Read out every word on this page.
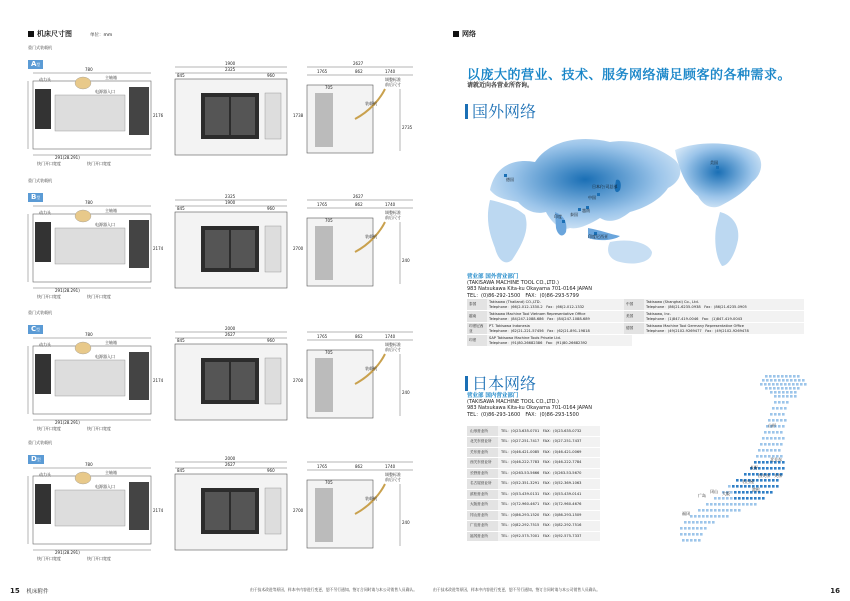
机床尺寸图	单位：mm
重门式装载机
A型
780
1900
2325
2627
845	960
1765	862	1740
2176
705
1738
2735
主轴箱
电源器入口
动力头
装载机
调整标准
前后尺寸
291(28.291)
快门开口宽度	快门开口宽度
重门式装载机
B型
780
2325
1900
2627
845	960
1765	862	1740
2174
705
2700
240
主轴箱
电源器入口
动力头
装载机
调整标准
前后尺寸
291(28.291)
快门开口宽度	快门开口宽度
重门式装载机
C型
780
2000
2627
845	960
1765	862	1740
2174
705
2700
240
主轴箱
电源器入口
动力头
装载机
调整标准
前后尺寸
291(28.291)
快门开口宽度	快门开口宽度
重门式装载机
D型
780
2000
2627
845	960
1765	862	1740
2174
705
2700
240
主轴箱
电源器入口
动力头
装载机
调整标准
前后尺寸
291(28.291)
快门开口宽度	快门开口宽度
15 机床附件	由于技术改进等原因，样本中内容进行变更，恕不另行通知。签订合同时请与本公司销售人员确认。
网络
以庞大的营业、技术、服务网络满足顾客的各种需求。
请就近向各营业所咨询。
国外网络
德国
美国
日本/公司总部
中国
泰国
越南
印度
印度尼西亚
营业部 国外营业部门
(TAKISAWA MACHINE TOOL CO.,LTD.)
983 Natsukawa Kita-ku Okayama 701-0164 JAPAN
TEL：(0)86-292-1500　FAX：(0)86-293-5799
泰国	Takisawa (Thailand) CO.,LTD.
Telephone：(66)2-012-1330-2　Fax：(66)2-012-1332

越南	Takisawa Machine Tool Vietnam Representative Office
Telephone：(84)247-1088-686　Fax：(84)247-1088-689

印度尼西亚	PT. Takisawa Indonesia
Telephone：(62)21-221-57456　Fax：(62)21-891-19818

印度	SAP Takisawa Machine Tools Private Ltd.
Telephone：(91)80-26682386　Fax：(91)80-26682392
中国	Takisawa (Shanghai) Co., Ltd.
Telephone：(86)21-6235-0938　Fax：(86)21-6235-0905

美国	Takisawa, Inc.
Telephone：(1)847-419-0046　Fax：(1)847-419-0043

德国	Takisawa Machine Tool Germany Representative Office
Telephone：(49)2102-9269477　Fax：(49)2102-9269478
日本网络
营业部 国内营业部门
(TAKISAWA MACHINE TOOL CO.,LTD.)
983 Natsukawa Kita-ku Okayama 701-0164 JAPAN
TEL：(0)86-293-1600　FAX：(0)86-293-1500
山形营业所	TEL：(0)23-635-0701　FAX：(0)23-635-0732
北关东营业所	TEL：(0)27-251-7417　FAX：(0)27-251-7437
关东营业所	TEL：(0)46-421-0085　FAX：(0)46-421-0069
西关东营业所	TEL：(0)46-222-7783　FAX：(0)46-222-7784
长野营业所	TEL：(0)263-53-5666　FAX：(0)263-53-5670
名古屋营业所	TEL：(0)52-351-3291　FAX：(0)52-369-1063
滨松营业所	TEL：(0)53-439-0131　FAX：(0)53-439-0141
大阪营业所	TEL：(0)72-960-4671　FAX：(0)72-960-4676
冈山营业所	TEL：(0)86-293-1520　FAX：(0)86-293-1509
广岛营业所	TEL：(0)82-292-7515　FAX：(0)82-292-7516
福冈营业所	TEL：(0)92-575-7001　FAX：(0)92-575-7337
山形
北关东
关东
西关东
长野
名古屋
滨松
大阪
冈山
广岛
福冈
由于技术改进等原因，样本中内容进行变更，恕不另行通知。签订合同时请与本公司销售人员确认。	16
